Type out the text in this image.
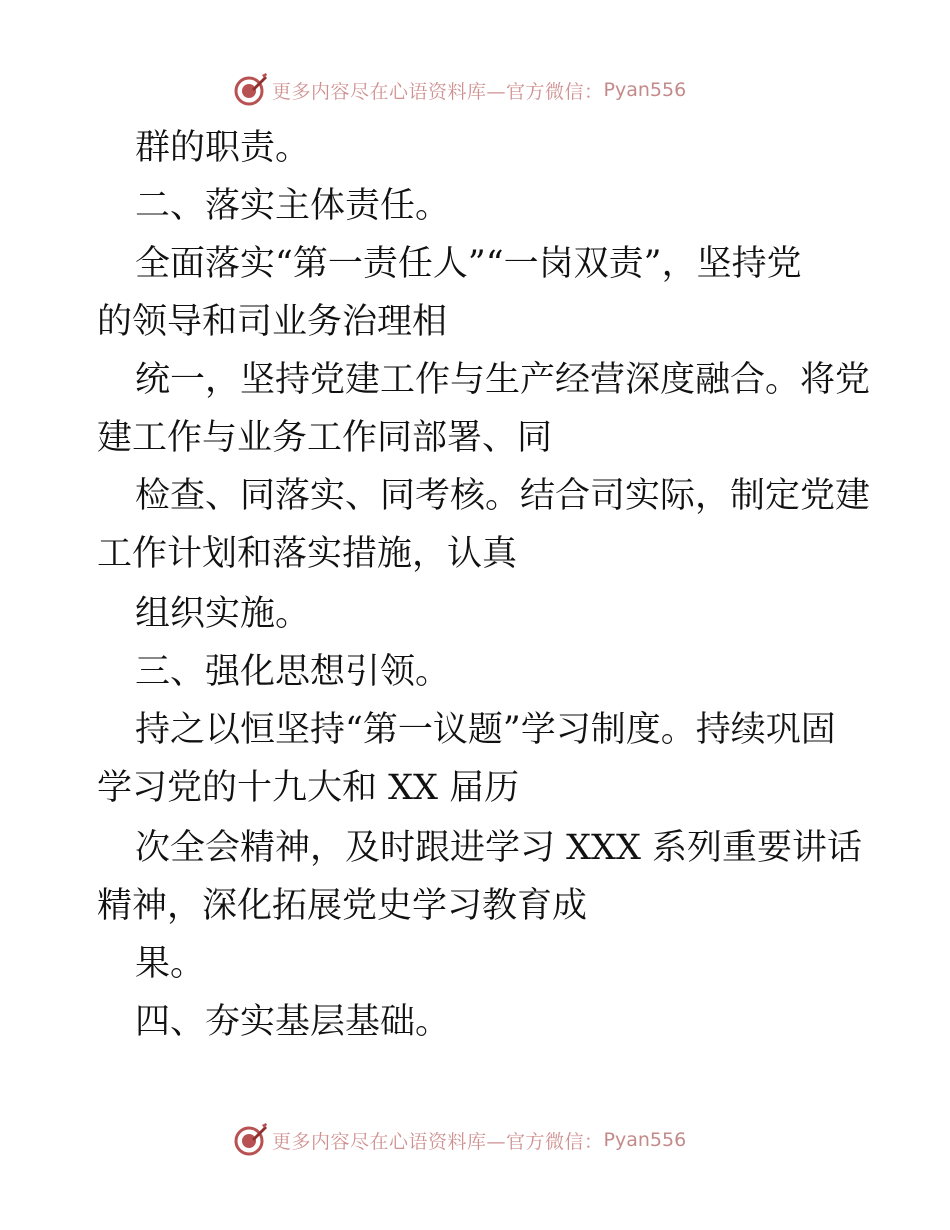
更多内容尽在心语资料库—官方微信： Pyan556
群的职责。
二、落实主体责任。
全面落实“第一责任人”“一岗双责”，坚持党
的领导和司业务治理相
统一，坚持党建工作与生产经营深度融合。将党
建工作与业务工作同部署、同
检查、同落实、同考核。结合司实际，制定党建
工作计划和落实措施，认真
组织实施。
三、强化思想引领。
持之以恒坚持“第一议题”学习制度。持续巩固
学习党的十九大和 XX 届历
次全会精神，及时跟进学习 XXX 系列重要讲话
精神，深化拓展党史学习教育成
果。
四、夯实基层基础。
更多内容尽在心语资料库—官方微信： Pyan556
